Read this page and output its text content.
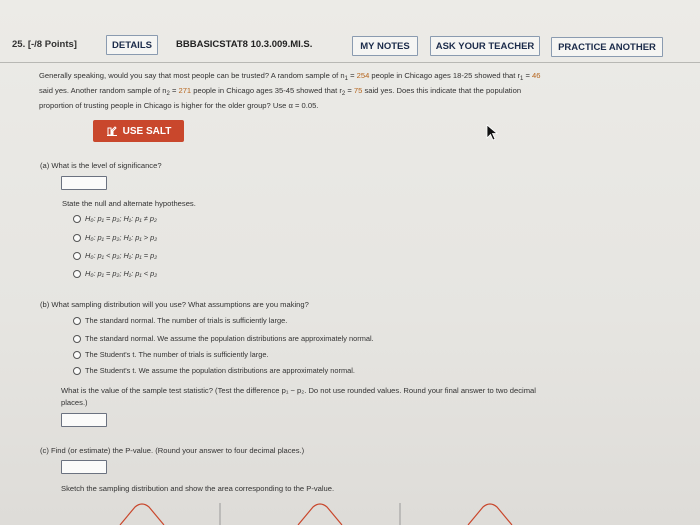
25. [-/8 Points]	DETAILS	BBBASICSTAT8 10.3.009.MI.S.	MY NOTES	ASK YOUR TEACHER	PRACTICE ANOTHER
Generally speaking, would you say that most people can be trusted? A random sample of $n_1 = 254$ people in Chicago ages 18-25 showed that $r_1 = 46$
said yes. Another random sample of $n_2 = 271$ people in Chicago ages 35-45 showed that $r_2 = 75$ said yes. Does this indicate that the population
proportion of trusting people in Chicago is higher for the older group? Use α = 0.05.
USE SALT
(a) What is the level of significance?
State the null and alternate hypotheses.
H₀: p₁ = p₂; H₁: p₁ ≠ p₂
H₀: p₁ = p₂; H₁: p₁ > p₂
H₀: p₁ < p₂; H₁: p₁ = p₂
H₀: p₁ = p₂; H₁: p₁ < p₂
(b) What sampling distribution will you use? What assumptions are you making?
The standard normal. The number of trials is sufficiently large.
The standard normal. We assume the population distributions are approximately normal.
The Student's t. The number of trials is sufficiently large.
The Student's t. We assume the population distributions are approximately normal.
What is the value of the sample test statistic? (Test the difference p₁ − p₂. Do not use rounded values. Round your final answer to two decimal
places.)
(c) Find (or estimate) the P-value. (Round your answer to four decimal places.)
Sketch the sampling distribution and show the area corresponding to the P-value.
